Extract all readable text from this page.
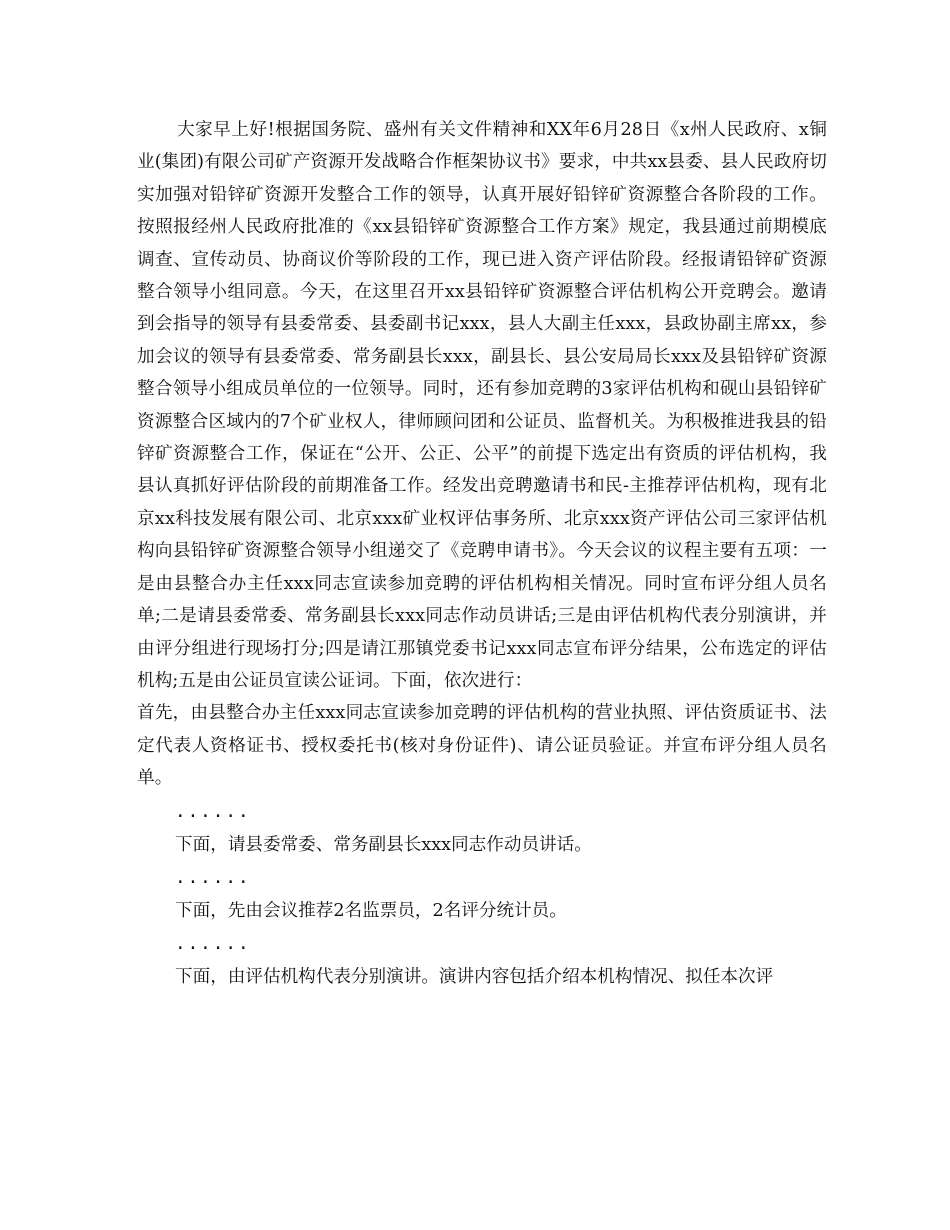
大家早上好!根据国务院、盛州有关文件精神和XX年6月28日《x州人民政府、x铜业(集团)有限公司矿产资源开发战略合作框架协议书》要求，中共xx县委、县人民政府切实加强对铅锌矿资源开发整合工作的领导，认真开展好铅锌矿资源整合各阶段的工作。按照报经州人民政府批准的《xx县铅锌矿资源整合工作方案》规定，我县通过前期模底调查、宣传动员、协商议价等阶段的工作，现已进入资产评估阶段。经报请铅锌矿资源整合领导小组同意。今天，在这里召开xx县铅锌矿资源整合评估机构公开竞聘会。邀请到会指导的领导有县委常委、县委副书记xxx，县人大副主任xxx，县政协副主席xx，参加会议的领导有县委常委、常务副县长xxx，副县长、县公安局局长xxx及县铅锌矿资源整合领导小组成员单位的一位领导。同时，还有参加竞聘的3家评估机构和砚山县铅锌矿资源整合区域内的7个矿业权人，律师顾问团和公证员、监督机关。为积极推进我县的铅锌矿资源整合工作，保证在“公开、公正、公平”的前提下选定出有资质的评估机构，我县认真抓好评估阶段的前期准备工作。经发出竞聘邀请书和民-主推荐评估机构，现有北京xx科技发展有限公司、北京xxx矿业权评估事务所、北京xxx资产评估公司三家评估机构向县铅锌矿资源整合领导小组递交了《竞聘申请书》。今天会议的议程主要有五项：一是由县整合办主任xxx同志宣读参加竞聘的评估机构相关情况。同时宣布评分组人员名单;二是请县委常委、常务副县长xxx同志作动员讲话;三是由评估机构代表分别演讲，并由评分组进行现场打分;四是请江那镇党委书记xxx同志宣布评分结果，公布选定的评估机构;五是由公证员宣读公证词。下面，依次进行：

首先，由县整合办主任xxx同志宣读参加竞聘的评估机构的营业执照、评估资质证书、法定代表人资格证书、授权委托书(核对身份证件)、请公证员验证。并宣布评分组人员名单。

......

下面，请县委常委、常务副县长xxx同志作动员讲话。

......

下面，先由会议推荐2名监票员，2名评分统计员。

......

下面，由评估机构代表分别演讲。演讲内容包括介绍本机构情况、拟任本次评
